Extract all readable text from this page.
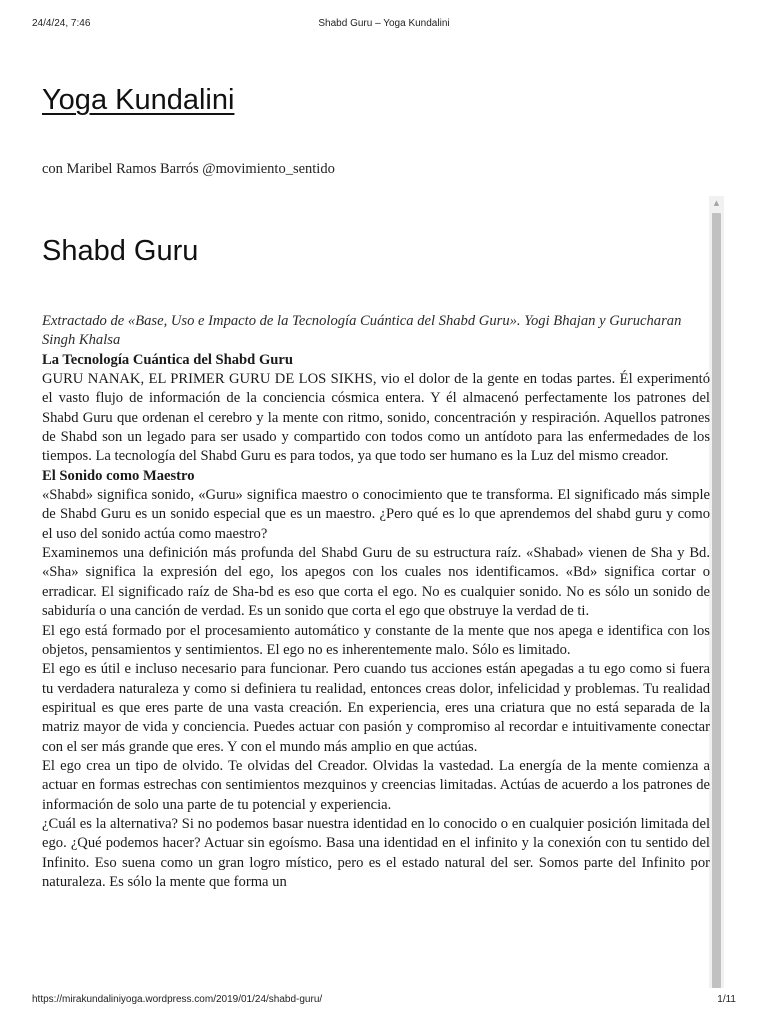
24/4/24, 7:46	Shabd Guru – Yoga Kundalini
Yoga Kundalini
con Maribel Ramos Barrós @movimiento_sentido
▲
Shabd Guru

Extractado de «Base, Uso e Impacto de la Tecnología Cuántica del Shabd Guru». Yogi Bhajan y Gurucharan Singh Khalsa

La Tecnología Cuántica del Shabd Guru

GURU NANAK, EL PRIMER GURU DE LOS SIKHS, vio el dolor de la gente en todas partes. Él experimentó el vasto flujo de información de la conciencia cósmica entera. Y él almacenó perfectamente los patrones del Shabd Guru que ordenan el cerebro y la mente con ritmo, sonido, concentración y respiración. Aquellos patrones de Shabd son un legado para ser usado y compartido con todos como un antídoto para las enfermedades de los tiempos. La tecnología del Shabd Guru es para todos, ya que todo ser humano es la Luz del mismo creador.

El Sonido como Maestro

«Shabd» significa sonido, «Guru» significa maestro o conocimiento que te transforma. El significado más simple de Shabd Guru es un sonido especial que es un maestro. ¿Pero qué es lo que aprendemos del shabd guru y como el uso del sonido actúa como maestro?

Examinemos una definición más profunda del Shabd Guru de su estructura raíz. «Shabad» vienen de Sha y Bd. «Sha» significa la expresión del ego, los apegos con los cuales nos identificamos. «Bd» significa cortar o erradicar. El significado raíz de Sha-bd es eso que corta el ego. No es cualquier sonido. No es sólo un sonido de sabiduría o una canción de verdad. Es un sonido que corta el ego que obstruye la verdad de ti.

El ego está formado por el procesamiento automático y constante de la mente que nos apega e identifica con los objetos, pensamientos y sentimientos. El ego no es inherentemente malo. Sólo es limitado.

El ego es útil e incluso necesario para funcionar. Pero cuando tus acciones están apegadas a tu ego como si fuera tu verdadera naturaleza y como si definiera tu realidad, entonces creas dolor, infelicidad y problemas. Tu realidad espiritual es que eres parte de una vasta creación. En experiencia, eres una criatura que no está separada de la matriz mayor de vida y conciencia. Puedes actuar con pasión y compromiso al recordar e intuitivamente conectar con el ser más grande que eres. Y con el mundo más amplio en que actúas.

El ego crea un tipo de olvido. Te olvidas del Creador. Olvidas la vastedad. La energía de la mente comienza a actuar en formas estrechas con sentimientos mezquinos y creencias limitadas. Actúas de acuerdo a los patrones de información de solo una parte de tu potencial y experiencia.

¿Cuál es la alternativa? Si no podemos basar nuestra identidad en lo conocido o en cualquier posición limitada del ego. ¿Qué podemos hacer? Actuar sin egoísmo. Basa una identidad en el infinito y la conexión con tu sentido del Infinito. Eso suena como un gran logro místico, pero es el estado natural del ser. Somos parte del Infinito por naturaleza. Es sólo la mente que forma un

https://mirakundaliniyoga.wordpress.com/2019/01/24/shabd-guru/	1/11
